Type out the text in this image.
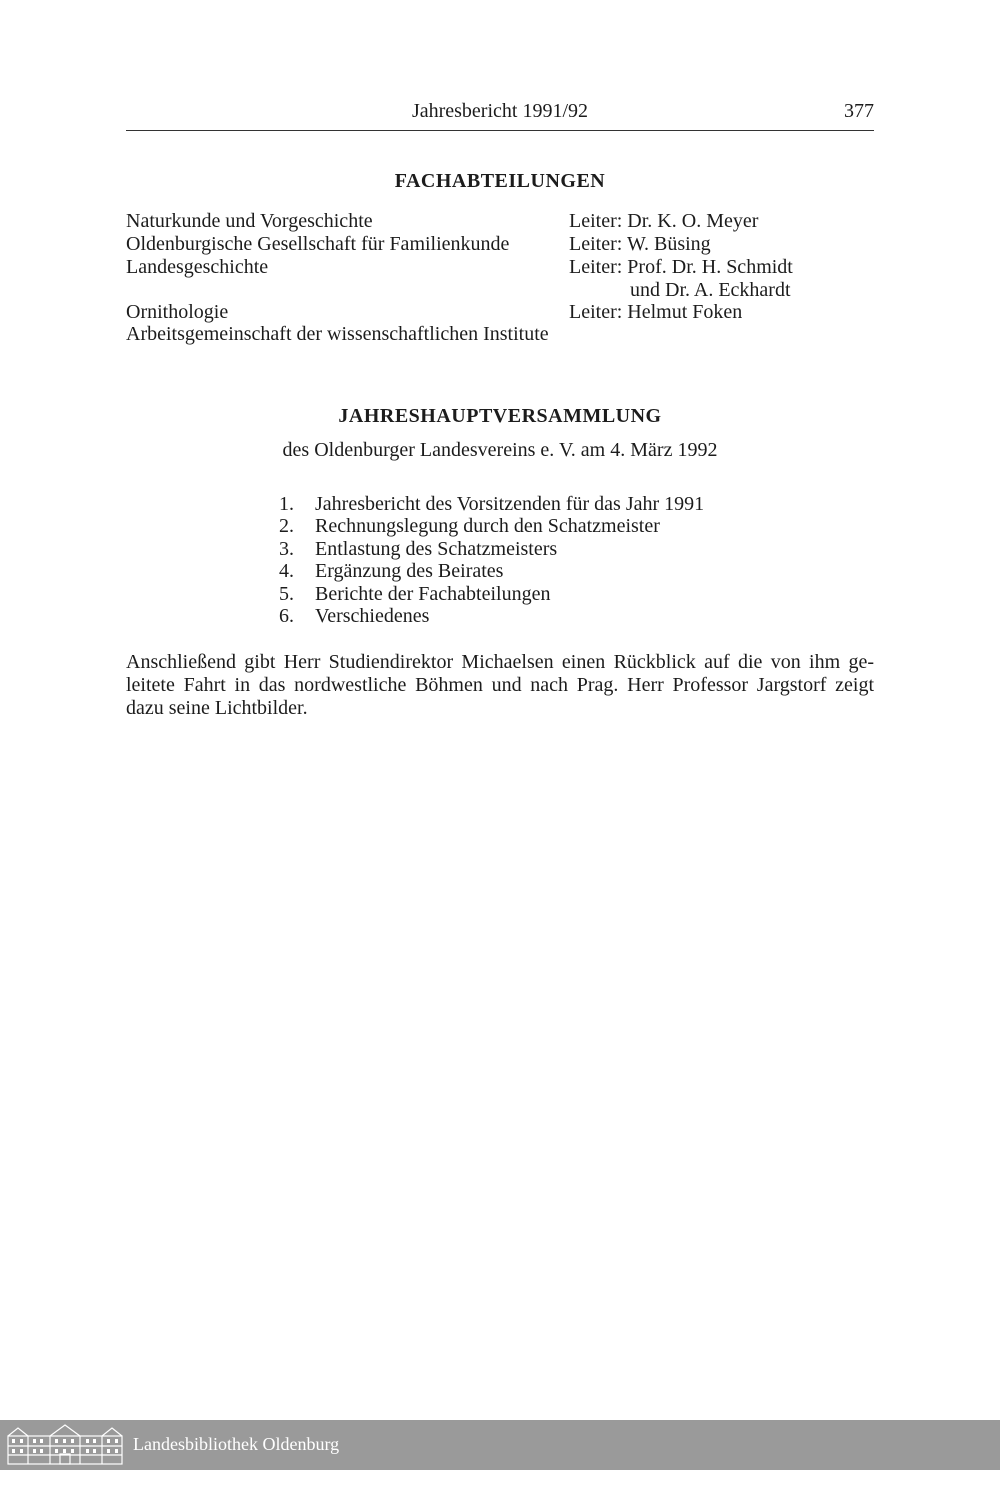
Jahresbericht 1991/92	377
FACHABTEILUNGEN
Naturkunde und Vorgeschichte	Leiter: Dr. K. O. Meyer
Oldenburgische Gesellschaft für Familienkunde	Leiter: W. Büsing
Landesgeschichte	Leiter: Prof. Dr. H. Schmidt
und Dr. A. Eckhardt
Ornithologie	Leiter: Helmut Foken
Arbeitsgemeinschaft der wissenschaftlichen Institute
JAHRESHAUPTVERSAMMLUNG
des Oldenburger Landesvereins e. V. am 4. März 1992
1. Jahresbericht des Vorsitzenden für das Jahr 1991
2. Rechnungslegung durch den Schatzmeister
3. Entlastung des Schatzmeisters
4. Ergänzung des Beirates
5. Berichte der Fachabteilungen
6. Verschiedenes
Anschließend gibt Herr Studiendirektor Michaelsen einen Rückblick auf die von ihm ge-
leitete Fahrt in das nordwestliche Böhmen und nach Prag. Herr Professor Jargstorf zeigt
dazu seine Lichtbilder.
Landesbibliothek Oldenburg
